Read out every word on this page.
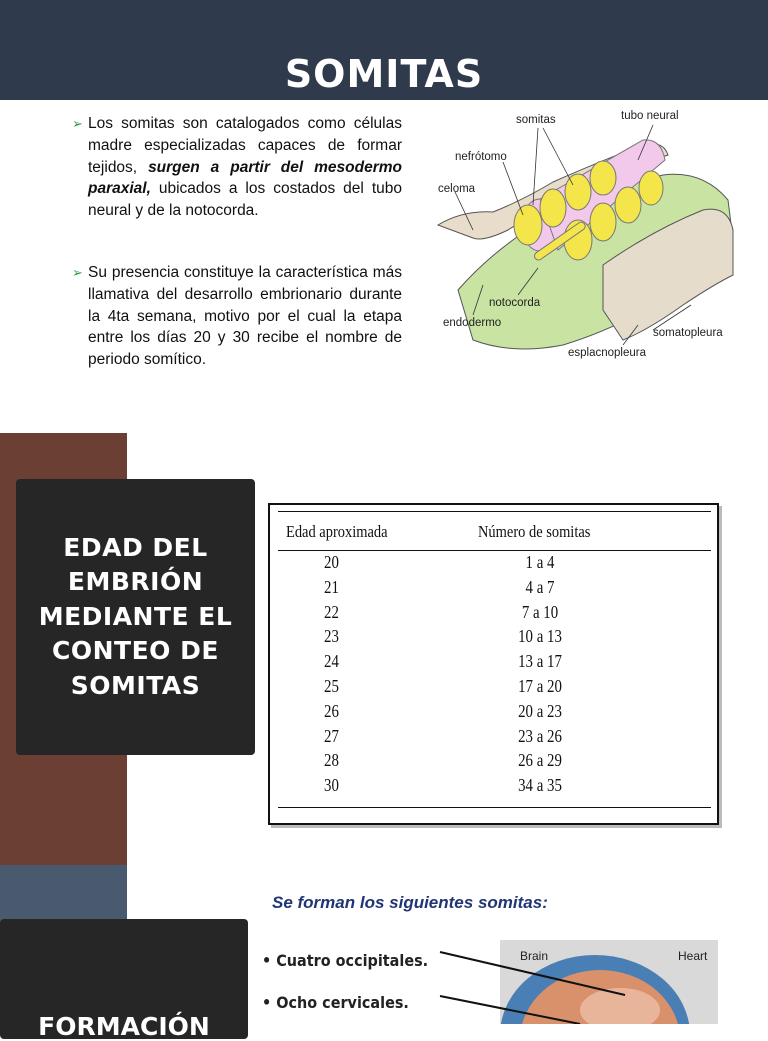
SOMITAS
➢ Los somitas son catalogados como células madre especializadas capaces de formar tejidos, surgen a partir del mesodermo paraxial, ubicados a los costados del tubo neural y de la notocorda.
➢ Su presencia constituye la característica más llamativa del desarrollo embrionario durante la 4ta semana, motivo por el cual la etapa entre los días 20 y 30 recibe el nombre de periodo somítico.
somitas	tubo neural
nefrótomo
celoma
notocorda
endodermo
somatopleura
esplacnopleura
EDAD DEL EMBRIÓN MEDIANTE EL CONTEO DE SOMITAS
Edad aproximada	Número de somitas
20	1 a 4
21	4 a 7
22	7 a 10
23	10 a 13
24	13 a 17
25	17 a 20
26	20 a 23
27	23 a 26
28	26 a 29
30	34 a 35
Se forman los siguientes somitas:
• Cuatro occipitales.
• Ocho cervicales.
Brain	Heart
FORMACIÓN
